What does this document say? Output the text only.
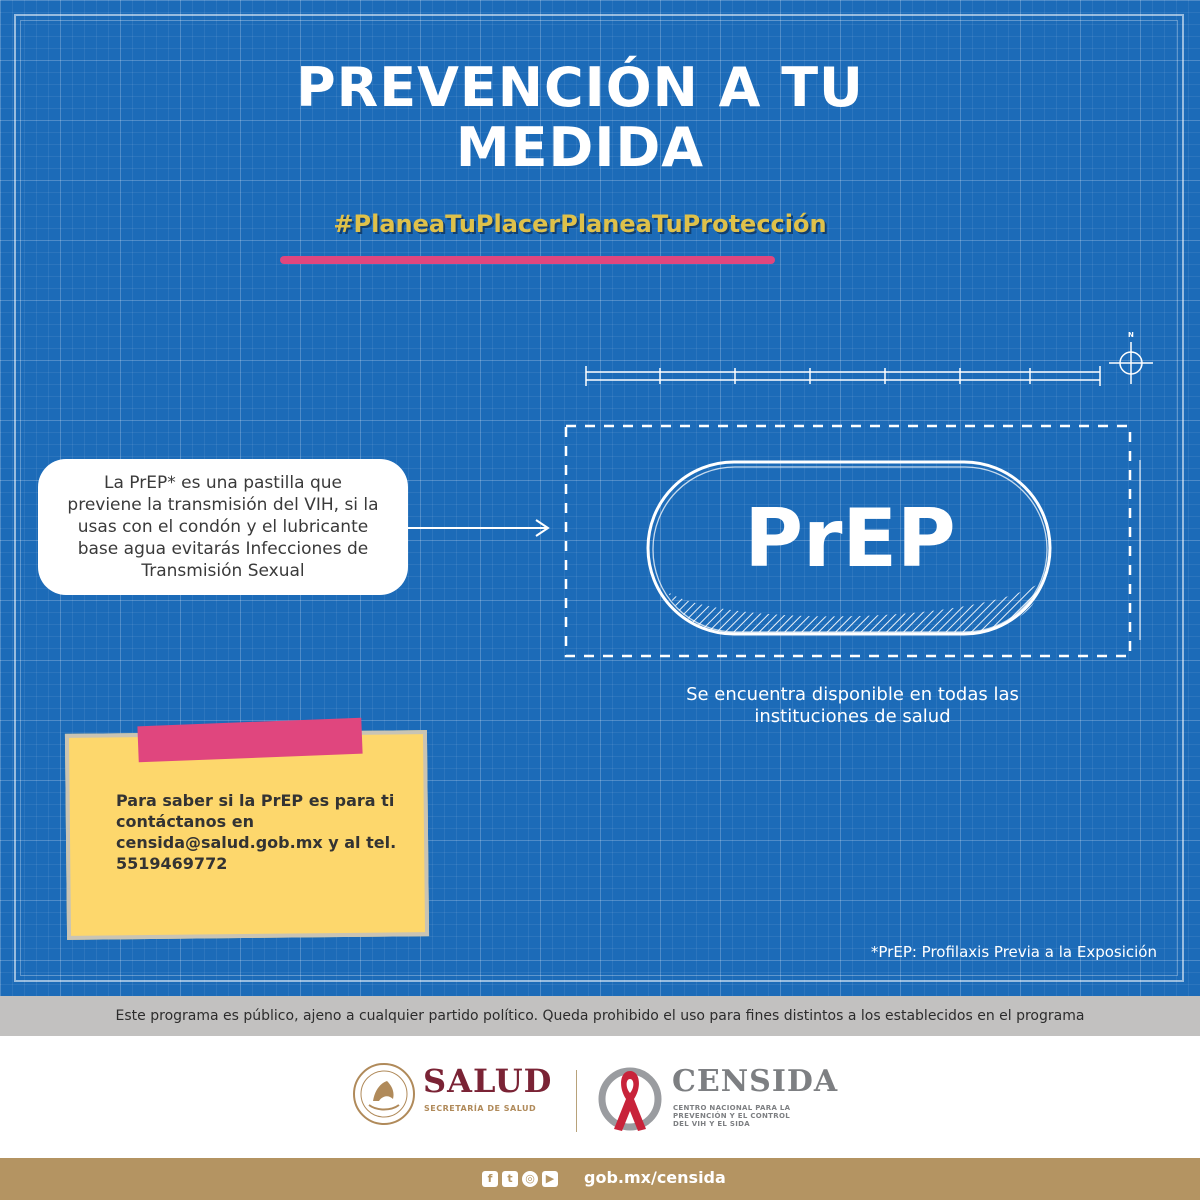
PREVENCIÓN A TU
MEDIDA
#PlaneaTuPlacerPlaneaTuProtección
La PrEP* es una pastilla que
previene la transmisión del VIH, si la
usas con el condón y el lubricante
base agua evitarás Infecciones de
Transmisión Sexual
N
PrEP
Se encuentra disponible en todas las
instituciones de salud
Para saber si la PrEP es para ti
contáctanos en
censida@salud.gob.mx y al tel.
5519469772
*PrEP: Profilaxis Previa a la Exposición
Este programa es público, ajeno a cualquier partido político. Queda prohibido el uso para fines distintos a los establecidos en el programa
SALUD
SECRETARÍA DE SALUD
CENSIDA
CENTRO NACIONAL PARA LA
PREVENCIÓN Y EL CONTROL
DEL VIH Y EL SIDA
f	t	◎ ▶ gob.mx/censida
